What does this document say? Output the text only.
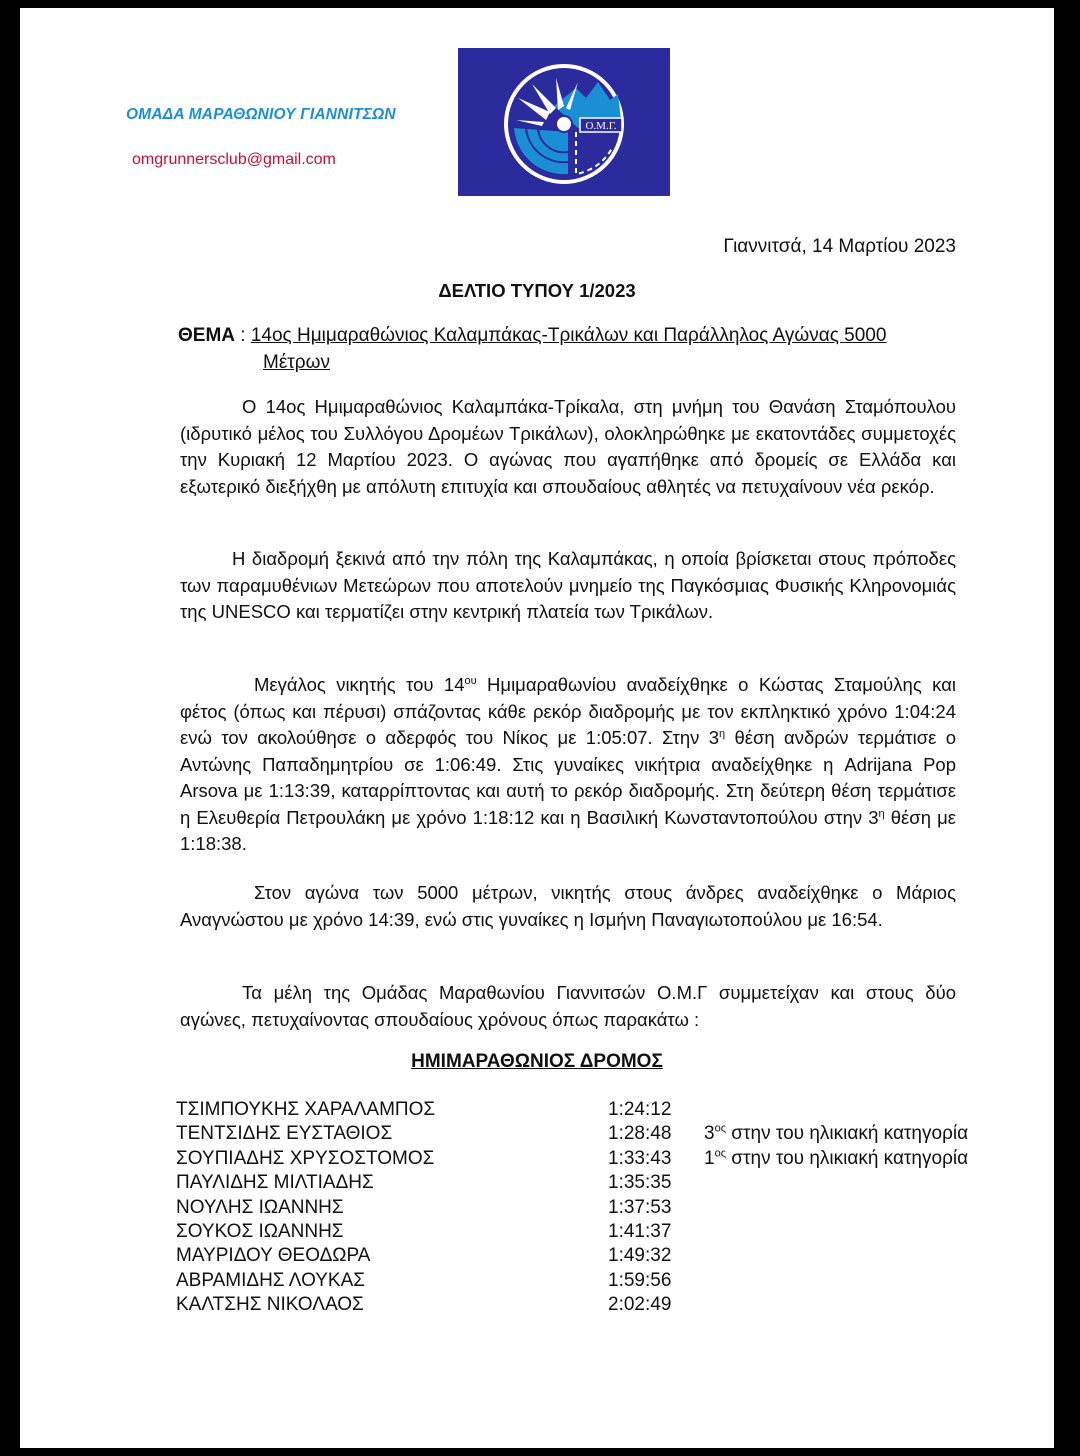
ΟΜΑΔΑ ΜΑΡΑΘΩΝΙΟΥ ΓΙΑΝΝΙΤΣΩΝ
omgrunnersclub@gmail.com
Ο.Μ.Γ.
Γιαννιτσά, 14 Μαρτίου 2023
ΔΕΛΤΙΟ ΤΥΠΟΥ 1/2023
ΘΕΜΑ : 14ος Ημιμαραθώνιος Καλαμπάκας-Τρικάλων και Παράλληλος Αγώνας 5000
Μέτρων

Ο 14ος Ημιμαραθώνιος Καλαμπάκα-Τρίκαλα, στη μνήμη του Θανάση Σταμόπουλου (ιδρυτικό μέλος του Συλλόγου Δρομέων Τρικάλων), ολοκληρώθηκε με εκατοντάδες συμμετοχές την Κυριακή 12 Μαρτίου 2023. Ο αγώνας που αγαπήθηκε από δρομείς σε Ελλάδα και εξωτερικό διεξήχθη με απόλυτη επιτυχία και σπουδαίους αθλητές να πετυχαίνουν νέα ρεκόρ.

Η διαδρομή ξεκινά από την πόλη της Καλαμπάκας, η οποία βρίσκεται στους πρόποδες των παραμυθένιων Μετεώρων που αποτελούν μνημείο της Παγκόσμιας Φυσικής Κληρονομιάς της UNESCO και τερματίζει στην κεντρική πλατεία των Τρικάλων.

Μεγάλος νικητής του $14^{o\upsilon}$ Ημιμαραθωνίου αναδείχθηκε ο Κώστας Σταμούλης και φέτος (όπως και πέρυσι) σπάζοντας κάθε ρεκόρ διαδρομής με τον εκπληκτικό χρόνο 1:04:24 ενώ τον ακολούθησε ο αδερφός του Νίκος με 1:05:07. Στην $3^\eta$ θέση ανδρών τερμάτισε ο Αντώνης Παπαδημητρίου σε 1:06:49. Στις γυναίκες νικήτρια αναδείχθηκε η Adrijana Pop Arsova με 1:13:39, καταρρίπτοντας και αυτή το ρεκόρ διαδρομής. Στη δεύτερη θέση τερμάτισε η Ελευθερία Πετρουλάκη με χρόνο 1:18:12 και η Βασιλική Κωνσταντοπούλου στην $3^\eta$ θέση με 1:18:38.

Στον αγώνα των 5000 μέτρων, νικητής στους άνδρες αναδείχθηκε ο Μάριος Αναγνώστου με χρόνο 14:39, ενώ στις γυναίκες η Ισμήνη Παναγιωτοπούλου με 16:54.

Τα μέλη της Ομάδας Μαραθωνίου Γιαννιτσών Ο.Μ.Γ συμμετείχαν και στους δύο αγώνες, πετυχαίνοντας σπουδαίους χρόνους όπως παρακάτω :

ΗΜΙΜΑΡΑΘΩΝΙΟΣ ΔΡΟΜΟΣ
ΤΣΙΜΠΟΥΚΗΣ ΧΑΡΑΛΑΜΠΟΣ	1:24:12
ΤΕΝΤΣΙΔΗΣ ΕΥΣΤΑΘΙΟΣ	1:28:48 $3^{o\varsigma}$ στην του ηλικιακή κατηγορία
ΣΟΥΠΙΑΔΗΣ ΧΡΥΣΟΣΤΟΜΟΣ	1:33:43 $1^{o\varsigma}$ στην του ηλικιακή κατηγορία
ΠΑΥΛΙΔΗΣ ΜΙΛΤΙΑΔΗΣ	1:35:35
ΝΟΥΛΗΣ ΙΩΑΝΝΗΣ	1:37:53
ΣΟΥΚΟΣ ΙΩΑΝΝΗΣ	1:41:37
ΜΑΥΡΙΔΟΥ ΘΕΟΔΩΡΑ	1:49:32
ΑΒΡΑΜΙΔΗΣ ΛΟΥΚΑΣ	1:59:56
ΚΑΛΤΣΗΣ ΝΙΚΟΛΑΟΣ	2:02:49
